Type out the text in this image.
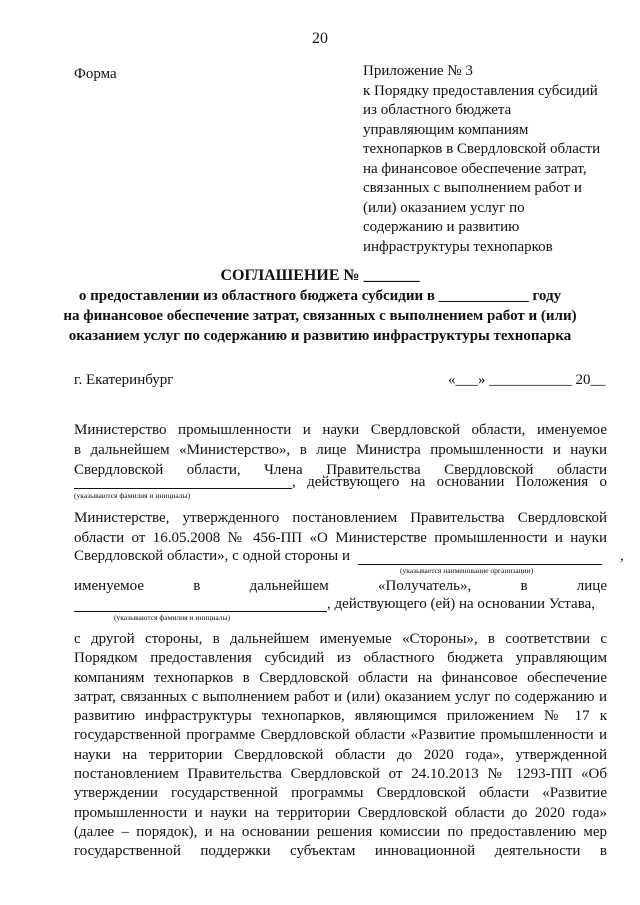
20
Форма	Приложение № 3
к Порядку предоставления субсидий
из областного бюджета
управляющим компаниям
технопарков в Свердловской области
на финансовое обеспечение затрат,
связанных с выполнением работ и
(или) оказанием услуг по
содержанию и развитию
инфраструктуры технопарков
СОГЛАШЕНИЕ № _______
о предоставлении из областного бюджета субсидии в ____________ году
на финансовое обеспечение затрат, связанных с выполнением работ и (или)
оказанием услуг по содержанию и развитию инфраструктуры технопарка
г. Екатеринбург	«___» ___________ 20__
Министерство промышленности и науки Свердловской области, именуемое
в дальнейшем «Министерство», в лице Министра промышленности и науки
Свердловской области, Члена Правительства Свердловской области
, действующего на основании Положения о
(указываются фамилия и инициалы)
Министерстве, утвержденного постановлением Правительства Свердловской
области от 16.05.2008 № 456-ПП «О Министерстве промышленности и науки
Свердловской области», с одной стороны и	,
(указывается наименование организации)
именуемое в дальнейшем «Получатель», в лице
, действующего (ей) на основании Устава,
(указываются фамилия и инициалы)
с другой стороны, в дальнейшем именуемые «Стороны», в соответствии с
Порядком предоставления субсидий из областного бюджета управляющим
компаниям технопарков в Свердловской области на финансовое обеспечение
затрат, связанных с выполнением работ и (или) оказанием услуг по содержанию и
развитию инфраструктуры технопарков, являющимся приложением № 17 к
государственной программе Свердловской области «Развитие промышленности и
науки на территории Свердловской области до 2020 года», утвержденной
постановлением Правительства Свердловской от 24.10.2013 № 1293-ПП «Об
утверждении государственной программы Свердловской области «Развитие
промышленности и науки на территории Свердловской области до 2020 года»
(далее – порядок), и на основании решения комиссии по предоставлению мер
государственной поддержки субъектам инновационной деятельности в
